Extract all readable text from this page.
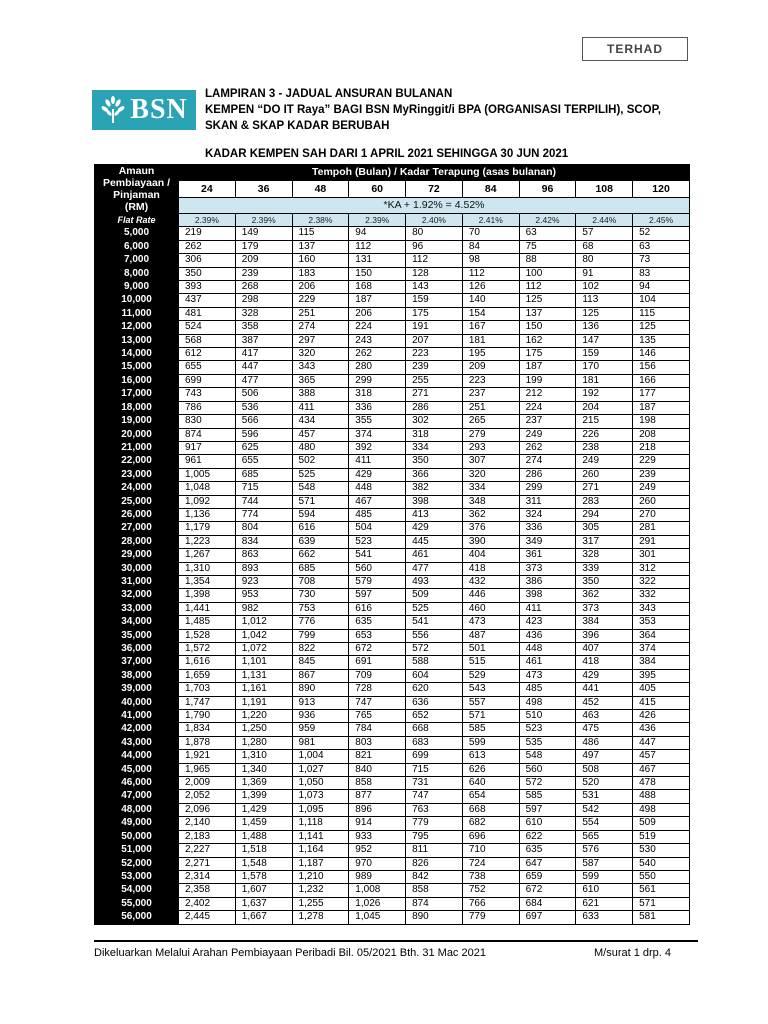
TERHAD
BSN LAMPIRAN 3 - JADUAL ANSURAN BULANAN
KEMPEN “DO IT Raya” BAGI BSN MyRinggit/i BPA (ORGANISASI TERPILIH), SCOP,
SKAN & SKAP KADAR BERUBAH
KADAR KEMPEN SAH DARI 1 APRIL 2021 SEHINGGA 30 JUN 2021
Amaun
Pembiayaan /
Pinjaman
(RM)	Tempoh (Bulan) / Kadar Terapung (asas bulanan)								
	24	36	48	60	72	84	96	108	120
	*KA + 1.92% = 4.52%								
Flat Rate	2.39%	2.39%	2.38%	2.39%	2.40%	2.41%	2.42%	2.44%	2.45%
5,000	219	149	115	94	80	70	63	57	52
6,000	262	179	137	112	96	84	75	68	63
7,000	306	209	160	131	112	98	88	80	73
8,000	350	239	183	150	128	112	100	91	83
9,000	393	268	206	168	143	126	112	102	94
10,000	437	298	229	187	159	140	125	113	104
11,000	481	328	251	206	175	154	137	125	115
12,000	524	358	274	224	191	167	150	136	125
13,000	568	387	297	243	207	181	162	147	135
14,000	612	417	320	262	223	195	175	159	146
15,000	655	447	343	280	239	209	187	170	156
16,000	699	477	365	299	255	223	199	181	166
17,000	743	506	388	318	271	237	212	192	177
18,000	786	536	411	336	286	251	224	204	187
19,000	830	566	434	355	302	265	237	215	198
20,000	874	596	457	374	318	279	249	226	208
21,000	917	625	480	392	334	293	262	238	218
22,000	961	655	502	411	350	307	274	249	229
23,000	1,005	685	525	429	366	320	286	260	239
24,000	1,048	715	548	448	382	334	299	271	249
25,000	1,092	744	571	467	398	348	311	283	260
26,000	1,136	774	594	485	413	362	324	294	270
27,000	1,179	804	616	504	429	376	336	305	281
28,000	1,223	834	639	523	445	390	349	317	291
29,000	1,267	863	662	541	461	404	361	328	301
30,000	1,310	893	685	560	477	418	373	339	312
31,000	1,354	923	708	579	493	432	386	350	322
32,000	1,398	953	730	597	509	446	398	362	332
33,000	1,441	982	753	616	525	460	411	373	343
34,000	1,485	1,012	776	635	541	473	423	384	353
35,000	1,528	1,042	799	653	556	487	436	396	364
36,000	1,572	1,072	822	672	572	501	448	407	374
37,000	1,616	1,101	845	691	588	515	461	418	384
38,000	1,659	1,131	867	709	604	529	473	429	395
39,000	1,703	1,161	890	728	620	543	485	441	405
40,000	1,747	1,191	913	747	636	557	498	452	415
41,000	1,790	1,220	936	765	652	571	510	463	426
42,000	1,834	1,250	959	784	668	585	523	475	436
43,000	1,878	1,280	981	803	683	599	535	486	447
44,000	1,921	1,310	1,004	821	699	613	548	497	457
45,000	1,965	1,340	1,027	840	715	626	560	508	467
46,000	2,009	1,369	1,050	858	731	640	572	520	478
47,000	2,052	1,399	1,073	877	747	654	585	531	488
48,000	2,096	1,429	1,095	896	763	668	597	542	498
49,000	2,140	1,459	1,118	914	779	682	610	554	509
50,000	2,183	1,488	1,141	933	795	696	622	565	519
51,000	2,227	1,518	1,164	952	811	710	635	576	530
52,000	2,271	1,548	1,187	970	826	724	647	587	540
53,000	2,314	1,578	1,210	989	842	738	659	599	550
54,000	2,358	1,607	1,232	1,008	858	752	672	610	561
55,000	2,402	1,637	1,255	1,026	874	766	684	621	571
56,000	2,445	1,667	1,278	1,045	890	779	697	633	581
Dikeluarkan Melalui Arahan Pembiayaan Peribadi Bil. 05/2021 Bth. 31 Mac 2021	M/surat 1 drp. 4
